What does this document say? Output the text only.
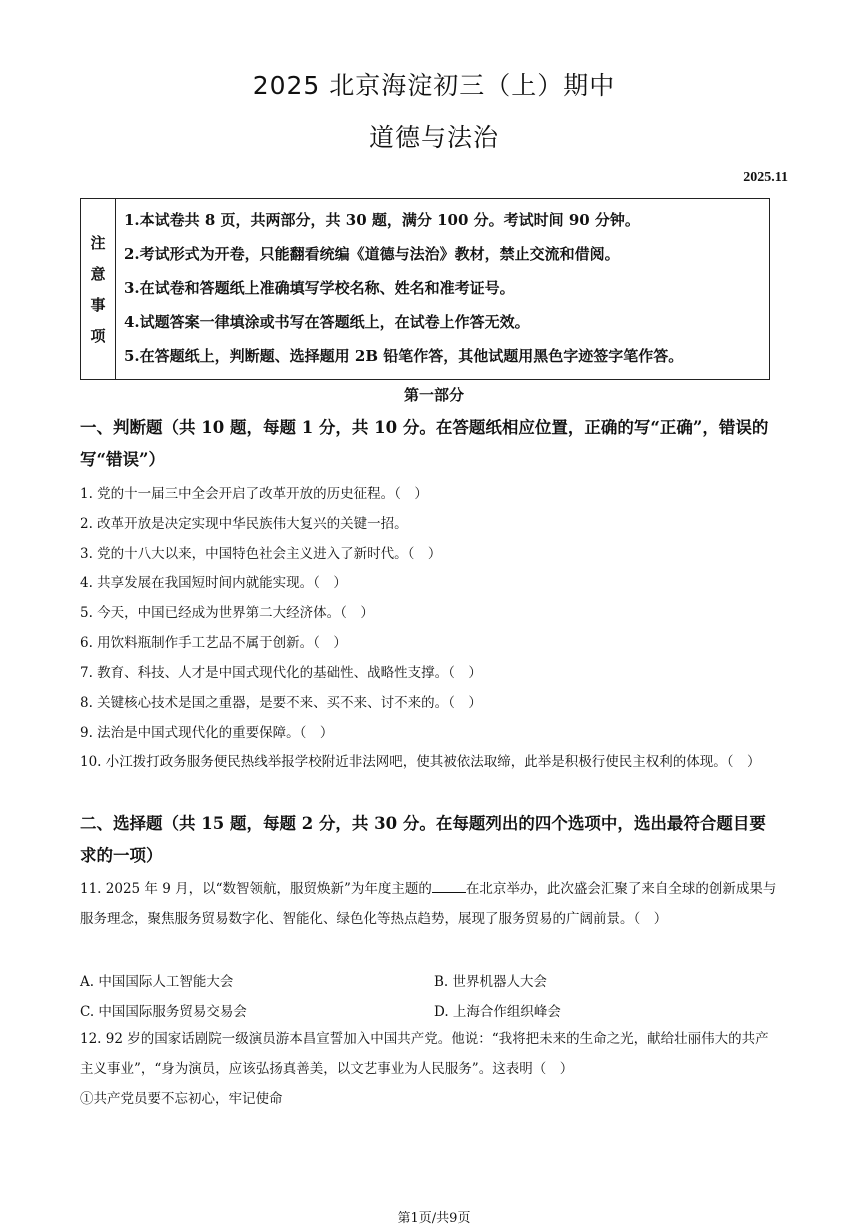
2025 北京海淀初三（上）期中
道德与法治
2025.11
注
意
事
项
1.本试卷共 8 页，共两部分，共 30 题，满分 100 分。考试时间 90 分钟。
2.考试形式为开卷，只能翻看统编《道德与法治》教材，禁止交流和借阅。
3.在试卷和答题纸上准确填写学校名称、姓名和准考证号。
4.试题答案一律填涂或书写在答题纸上，在试卷上作答无效。
5.在答题纸上，判断题、选择题用 2B 铅笔作答，其他试题用黑色字迹签字笔作答。
第一部分
一、判断题（共 10 题，每题 1 分，共 10 分。在答题纸相应位置，正确的写“正确”，错误的写“错误”）
1. 党的十一届三中全会开启了改革开放的历史征程。（　）
2. 改革开放是决定实现中华民族伟大复兴的关键一招。
3. 党的十八大以来，中国特色社会主义进入了新时代。（　）
4. 共享发展在我国短时间内就能实现。（　）
5. 今天，中国已经成为世界第二大经济体。（　）
6. 用饮料瓶制作手工艺品不属于创新。（　）
7. 教育、科技、人才是中国式现代化的基础性、战略性支撑。（　）
8. 关键核心技术是国之重器，是要不来、买不来、讨不来的。（　）
9. 法治是中国式现代化的重要保障。（　）
10. 小江拨打政务服务便民热线举报学校附近非法网吧，使其被依法取缔，此举是积极行使民主权利的体现。（　）
二、选择题（共 15 题，每题 2 分，共 30 分。在每题列出的四个选项中，选出最符合题目要求的一项）
11. 2025 年 9 月，以“数智领航，服贸焕新”为年度主题的	在北京举办，此次盛会汇聚了来自全球的创新成果与服务理念，聚焦服务贸易数字化、智能化、绿色化等热点趋势，展现了服务贸易的广阔前景。（　）
A. 中国国际人工智能大会	B. 世界机器人大会
C. 中国国际服务贸易交易会	D. 上海合作组织峰会
12. 92 岁的国家话剧院一级演员游本昌宣誓加入中国共产党。他说：“我将把未来的生命之光，献给壮丽伟大的共产主义事业”，“身为演员，应该弘扬真善美，以文艺事业为人民服务”。这表明（　）
①共产党员要不忘初心，牢记使命
第1页/共9页
